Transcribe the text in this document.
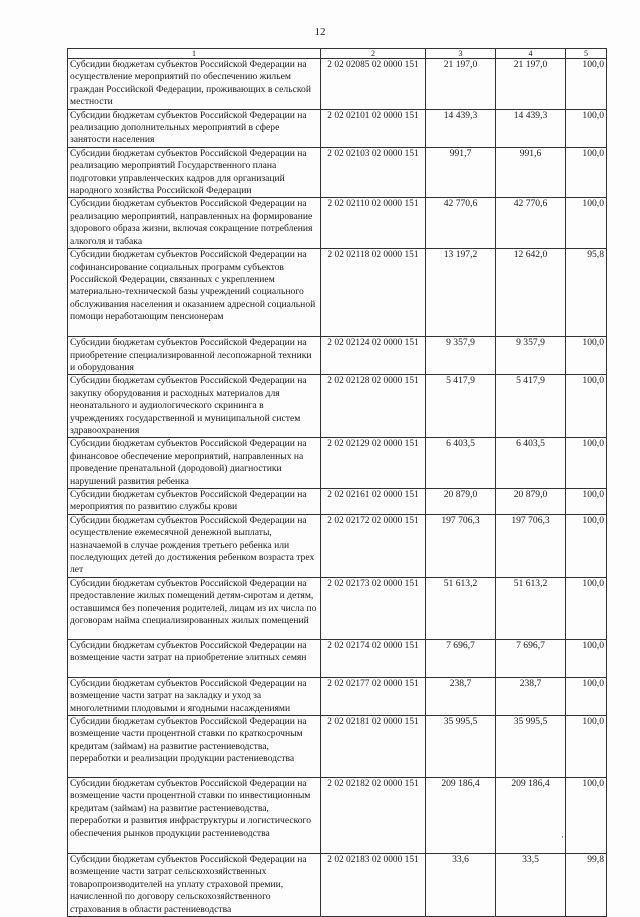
12
1	2	3	4	5
Субсидии бюджетам субъектов Российской Федерации на осуществление мероприятий по обеспечению жильем граждан Российской Федерации, проживающих в сельской местности	2 02 02085 02 0000 151	21 197,0	21 197,0	100,0
Субсидии бюджетам субъектов Российской Федерации на реализацию дополнительных мероприятий в сфере занятости населения	2 02 02101 02 0000 151	14 439,3	14 439,3	100,0
Субсидии бюджетам субъектов Российской Федерации на реализацию мероприятий Государственного плана подготовки управленческих кадров для организаций народного хозяйства Российской Федерации	2 02 02103 02 0000 151	991,7	991,6	100,0
Субсидии бюджетам субъектов Российской Федерации на реализацию мероприятий, направленных на формирование здорового образа жизни, включая сокращение потребления алкоголя и табака	2 02 02110 02 0000 151	42 770,6	42 770,6	100,0
Субсидии бюджетам субъектов Российской Федерации на софинансирование социальных программ субъектов Российской Федерации, связанных с укреплением материально-технической базы учреждений социального обслуживания населения и оказанием адресной социальной помощи неработающим пенсионерам	2 02 02118 02 0000 151	13 197,2	12 642,0	95,8
Субсидии бюджетам субъектов Российской Федерации на приобретение специализированной лесопожарной техники и оборудования	2 02 02124 02 0000 151	9 357,9	9 357,9	100,0
Субсидии бюджетам субъектов Российской Федерации на закупку оборудования и расходных материалов для неонатального и аудиологического скрининга в учреждениях государственной и муниципальной систем здравоохранения	2 02 02128 02 0000 151	5 417,9	5 417,9	100,0
Субсидии бюджетам субъектов Российской Федерации на финансовое обеспечение мероприятий, направленных на проведение пренатальной (дородовой) диагностики нарушений развития ребенка	2 02 02129 02 0000 151	6 403,5	6 403,5	100,0
Субсидии бюджетам субъектов Российской Федерации на мероприятия по развитию службы крови	2 02 02161 02 0000 151	20 879,0	20 879,0	100,0
Субсидии бюджетам субъектов Российской Федерации на осуществление ежемесячной денежной выплаты, назначаемой в случае рождения третьего ребенка или последующих детей до достижения ребенком возраста трех лет	2 02 02172 02 0000 151	197 706,3	197 706,3	100,0
Субсидии бюджетам субъектов Российской Федерации на предоставление жилых помещений детям-сиротам и детям, оставшимся без попечения родителей, лицам из их числа по договорам найма специализированных жилых помещений	2 02 02173 02 0000 151	51 613,2	51 613,2	100,0
Субсидии бюджетам субъектов Российской Федерации на возмещение части затрат на приобретение элитных семян	2 02 02174 02 0000 151	7 696,7	7 696,7	100,0
Субсидии бюджетам субъектов Российской Федерации на возмещение части затрат на закладку и уход за многолетними плодовыми и ягодными насаждениями	2 02 02177 02 0000 151	238,7	238,7	100,0
Субсидии бюджетам субъектов Российской Федерации на возмещение части процентной ставки по краткосрочным кредитам (займам) на развитие растениеводства, переработки и реализации продукции растениеводства	2 02 02181 02 0000 151	35 995,5	35 995,5	100,0
Субсидии бюджетам субъектов Российской Федерации на возмещение части процентной ставки по инвестиционным кредитам (займам) на развитие растениеводства, переработки и развития инфраструктуры и логистического обеспечения рынков продукции растениеводства	2 02 02182 02 0000 151	209 186,4	209 186,4	100,0
Субсидии бюджетам субъектов Российской Федерации на возмещение части затрат сельскохозяйственных товаропроизводителей на уплату страховой премии, начисленной по договору сельскохозяйственного страхования в области растениеводства	2 02 02183 02 0000 151	33,6	33,5	99,8
·
